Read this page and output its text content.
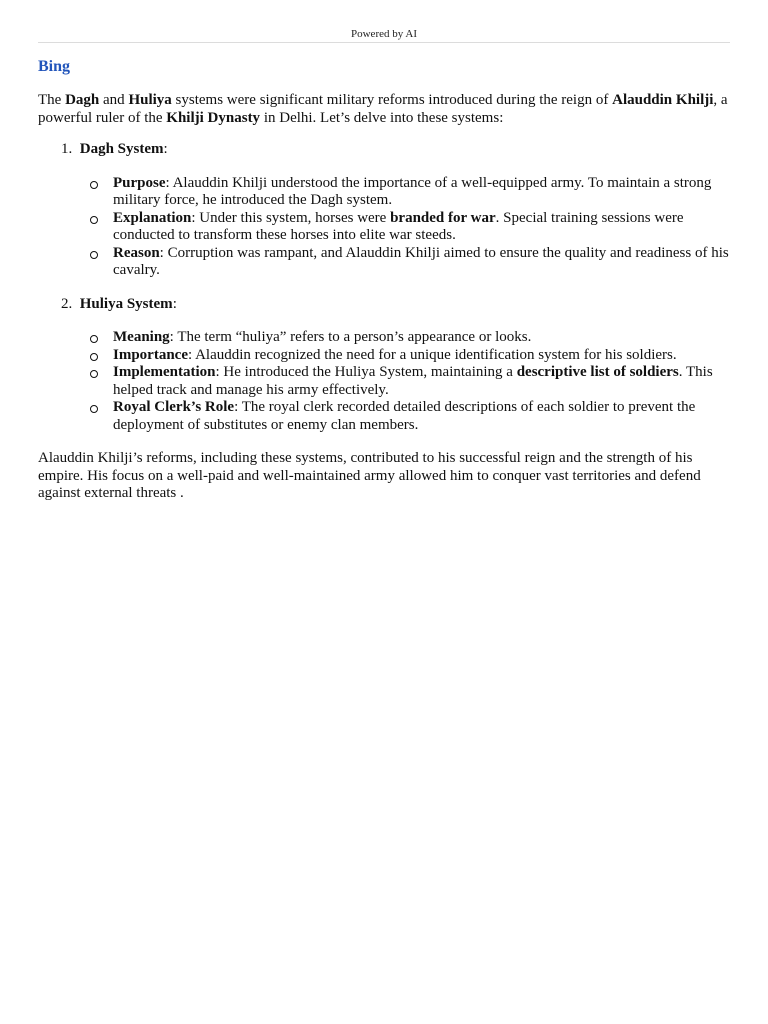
Powered by AI
Bing

The Dagh and Huliya systems were significant military reforms introduced during the reign of Alauddin Khilji, a powerful ruler of the Khilji Dynasty in Delhi. Let’s delve into these systems:

1. Dagh System:
Purpose: Alauddin Khilji understood the importance of a well-equipped army. To maintain a strong military force, he introduced the Dagh system.
Explanation: Under this system, horses were branded for war. Special training sessions were conducted to transform these horses into elite war steeds.
Reason: Corruption was rampant, and Alauddin Khilji aimed to ensure the quality and readiness of his cavalry.
2. Huliya System:
Meaning: The term “huliya” refers to a person’s appearance or looks.
Importance: Alauddin recognized the need for a unique identification system for his soldiers.
Implementation: He introduced the Huliya System, maintaining a descriptive list of soldiers. This helped track and manage his army effectively.
Royal Clerk’s Role: The royal clerk recorded detailed descriptions of each soldier to prevent the deployment of substitutes or enemy clan members.

Alauddin Khilji’s reforms, including these systems, contributed to his successful reign and the strength of his empire. His focus on a well-paid and well-maintained army allowed him to conquer vast territories and defend against external threats .
